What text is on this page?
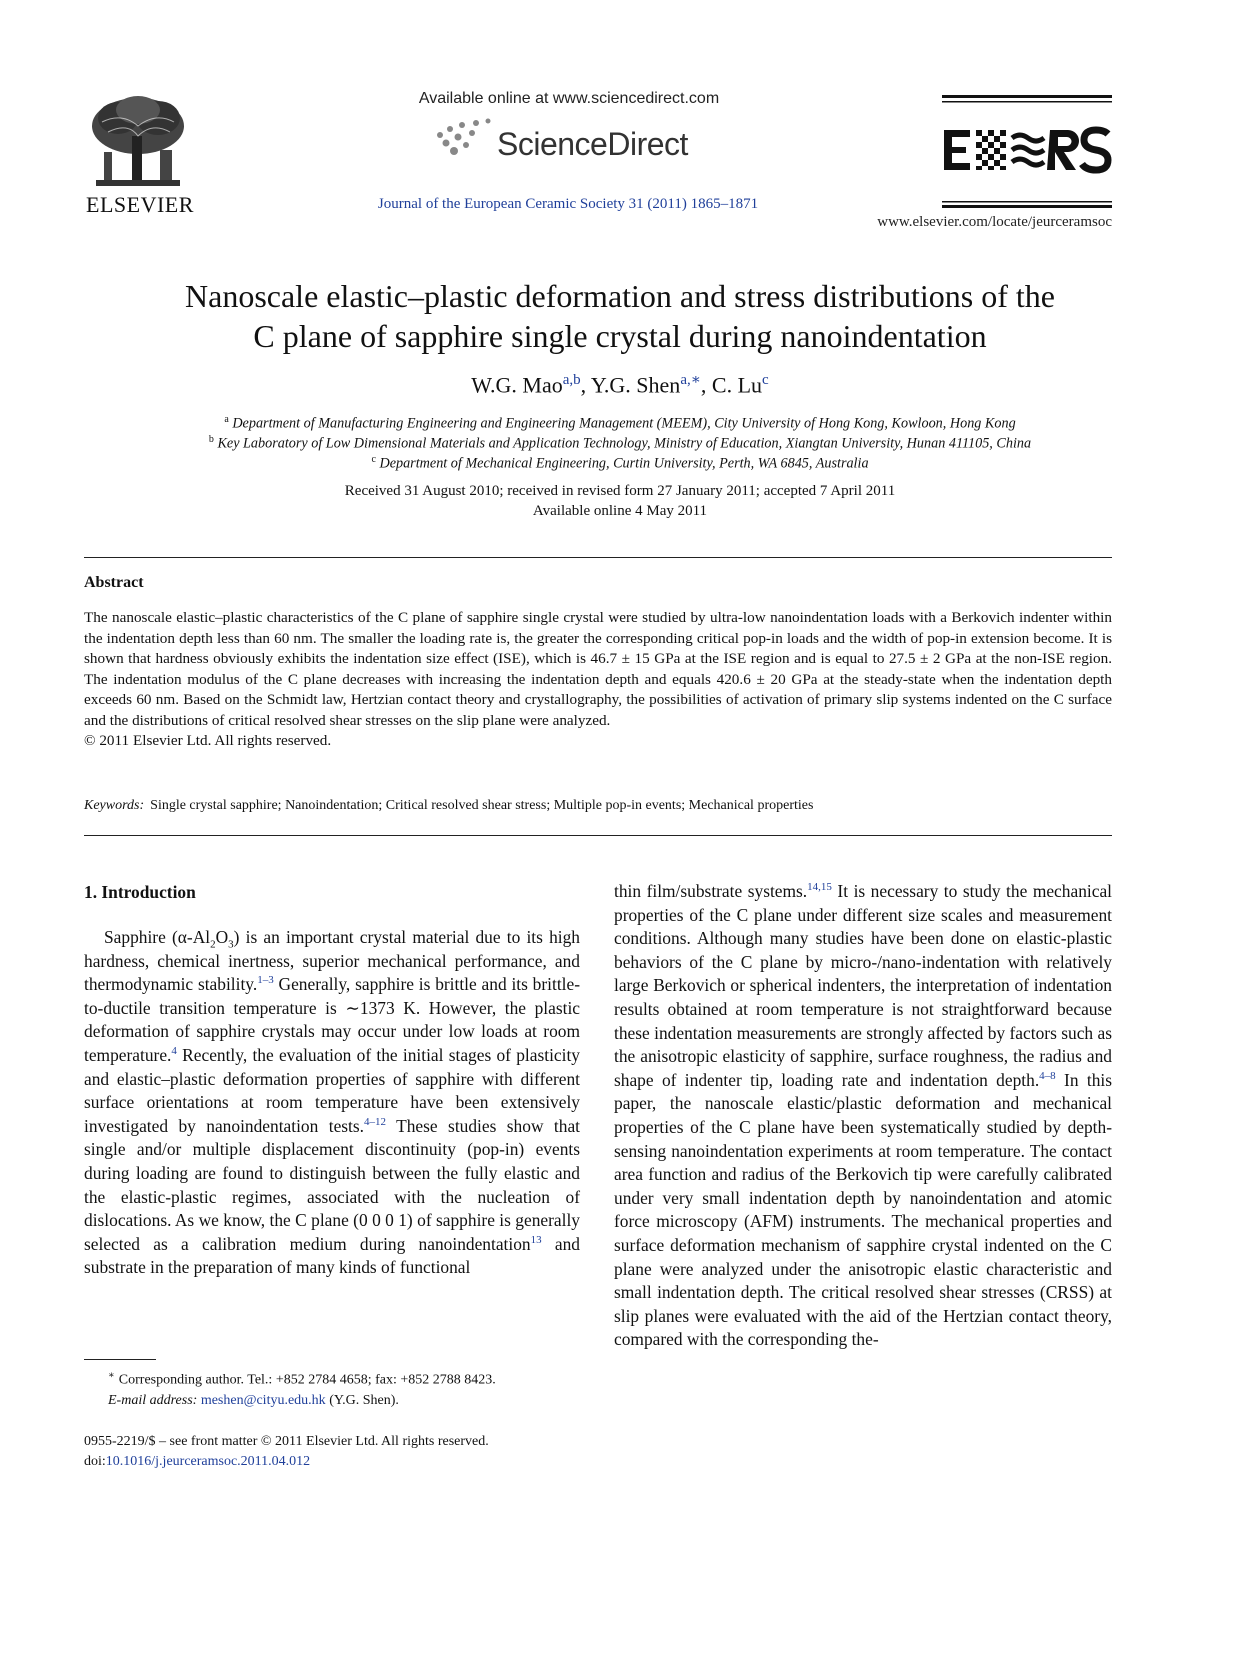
ELSEVIER
Available online at www.sciencedirect.com
ScienceDirect
Journal of the European Ceramic Society 31 (2011) 1865–1871
www.elsevier.com/locate/jeurceramsoc
Nanoscale elastic–plastic deformation and stress distributions of the
C plane of sapphire single crystal during nanoindentation
W.G. Mao$^{a,b}$, Y.G. Shen$^{a,∗}$, C. Lu$^c$
$^a$ Department of Manufacturing Engineering and Engineering Management (MEEM), City University of Hong Kong, Kowloon, Hong Kong
$^b$ Key Laboratory of Low Dimensional Materials and Application Technology, Ministry of Education, Xiangtan University, Hunan 411105, China
$^c$ Department of Mechanical Engineering, Curtin University, Perth, WA 6845, Australia
Received 31 August 2010; received in revised form 27 January 2011; accepted 7 April 2011
Available online 4 May 2011
Abstract
The nanoscale elastic–plastic characteristics of the C plane of sapphire single crystal were studied by ultra-low nanoindentation loads with a Berkovich indenter within the indentation depth less than 60 nm. The smaller the loading rate is, the greater the corresponding critical pop-in loads and the width of pop-in extension become. It is shown that hardness obviously exhibits the indentation size effect (ISE), which is 46.7 ± 15 GPa at the ISE region and is equal to 27.5 ± 2 GPa at the non-ISE region. The indentation modulus of the C plane decreases with increasing the indentation depth and equals 420.6 ± 20 GPa at the steady-state when the indentation depth exceeds 60 nm. Based on the Schmidt law, Hertzian contact theory and crystallography, the possibilities of activation of primary slip systems indented on the C surface and the distributions of critical resolved shear stresses on the slip plane were analyzed.
© 2011 Elsevier Ltd. All rights reserved.
Keywords: Single crystal sapphire; Nanoindentation; Critical resolved shear stress; Multiple pop-in events; Mechanical properties
1. Introduction

Sapphire $(\alpha-Al_2O_3)$ is an important crystal material due to its high hardness, chemical inertness, superior mechanical performance, and thermodynamic stability.$^{1-3}$ Generally, sapphire is brittle and its brittle-to-ductile transition temperature is ∼1373 K. However, the plastic deformation of sapphire crystals may occur under low loads at room temperature.$^4$ Recently, the evaluation of the initial stages of plasticity and elastic–plastic deformation properties of sapphire with different surface orientations at room temperature have been extensively investigated by nanoindentation tests.$^{4-12}$ These studies show that single and/or multiple displacement discontinuity (pop-in) events during loading are found to distinguish between the fully elastic and the elastic-plastic regimes, associated with the nucleation of dislocations. As we know, the C plane (0 0 0 1) of sapphire is generally selected as a calibration medium during nanoindentation$^{13}$ and substrate in the preparation of many kinds of functional

thin film/substrate systems.$^{14,15}$ It is necessary to study the mechanical properties of the C plane under different size scales and measurement conditions. Although many studies have been done on elastic-plastic behaviors of the C plane by micro-/nano-indentation with relatively large Berkovich or spherical indenters, the interpretation of indentation results obtained at room temperature is not straightforward because these indentation measurements are strongly affected by factors such as the anisotropic elasticity of sapphire, surface roughness, the radius and shape of indenter tip, loading rate and indentation depth.$^{4-8}$ In this paper, the nanoscale elastic/plastic deformation and mechanical properties of the C plane have been systematically studied by depth-sensing nanoindentation experiments at room temperature. The contact area function and radius of the Berkovich tip were carefully calibrated under very small indentation depth by nanoindentation and atomic force microscopy (AFM) instruments. The mechanical properties and surface deformation mechanism of sapphire crystal indented on the C plane were analyzed under the anisotropic elastic characteristic and small indentation depth. The critical resolved shear stresses (CRSS) at slip planes were evaluated with the aid of the Hertzian contact theory, compared with the corresponding the-

∗ Corresponding author. Tel.: +852 2784 4658; fax: +852 2788 8423.
E-mail address: meshen@cityu.edu.hk (Y.G. Shen).
0955-2219/$ – see front matter © 2011 Elsevier Ltd. All rights reserved.
doi:10.1016/j.jeurceramsoc.2011.04.012
